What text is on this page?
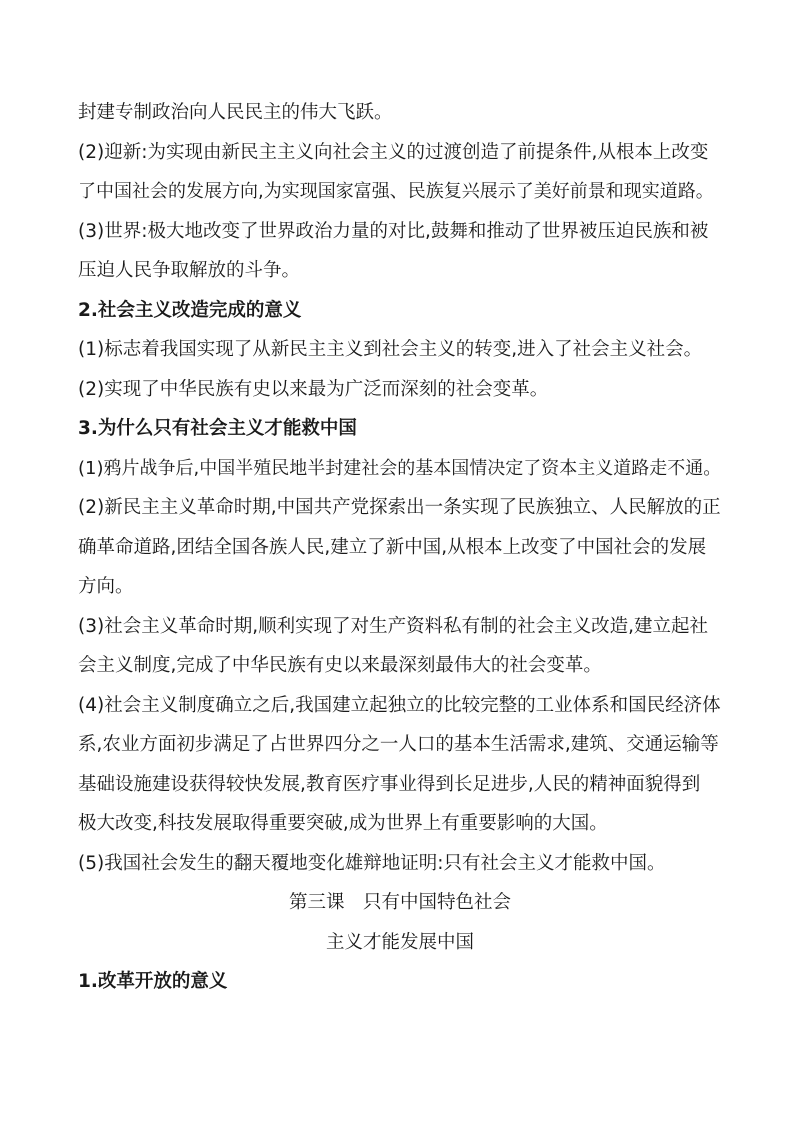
封建专制政治向人民民主的伟大飞跃。
(2)迎新:为实现由新民主主义向社会主义的过渡创造了前提条件,从根本上改变
了中国社会的发展方向,为实现国家富强、民族复兴展示了美好前景和现实道路。
(3)世界:极大地改变了世界政治力量的对比,鼓舞和推动了世界被压迫民族和被
压迫人民争取解放的斗争。
2.社会主义改造完成的意义
(1)标志着我国实现了从新民主主义到社会主义的转变,进入了社会主义社会。
(2)实现了中华民族有史以来最为广泛而深刻的社会变革。
3.为什么只有社会主义才能救中国
(1)鸦片战争后,中国半殖民地半封建社会的基本国情决定了资本主义道路走不通。
(2)新民主主义革命时期,中国共产党探索出一条实现了民族独立、人民解放的正
确革命道路,团结全国各族人民,建立了新中国,从根本上改变了中国社会的发展
方向。
(3)社会主义革命时期,顺利实现了对生产资料私有制的社会主义改造,建立起社
会主义制度,完成了中华民族有史以来最深刻最伟大的社会变革。
(4)社会主义制度确立之后,我国建立起独立的比较完整的工业体系和国民经济体
系,农业方面初步满足了占世界四分之一人口的基本生活需求,建筑、交通运输等
基础设施建设获得较快发展,教育医疗事业得到长足进步,人民的精神面貌得到
极大改变,科技发展取得重要突破,成为世界上有重要影响的大国。
(5)我国社会发生的翻天覆地变化雄辩地证明:只有社会主义才能救中国。
第三课　只有中国特色社会
主义才能发展中国
1.改革开放的意义
